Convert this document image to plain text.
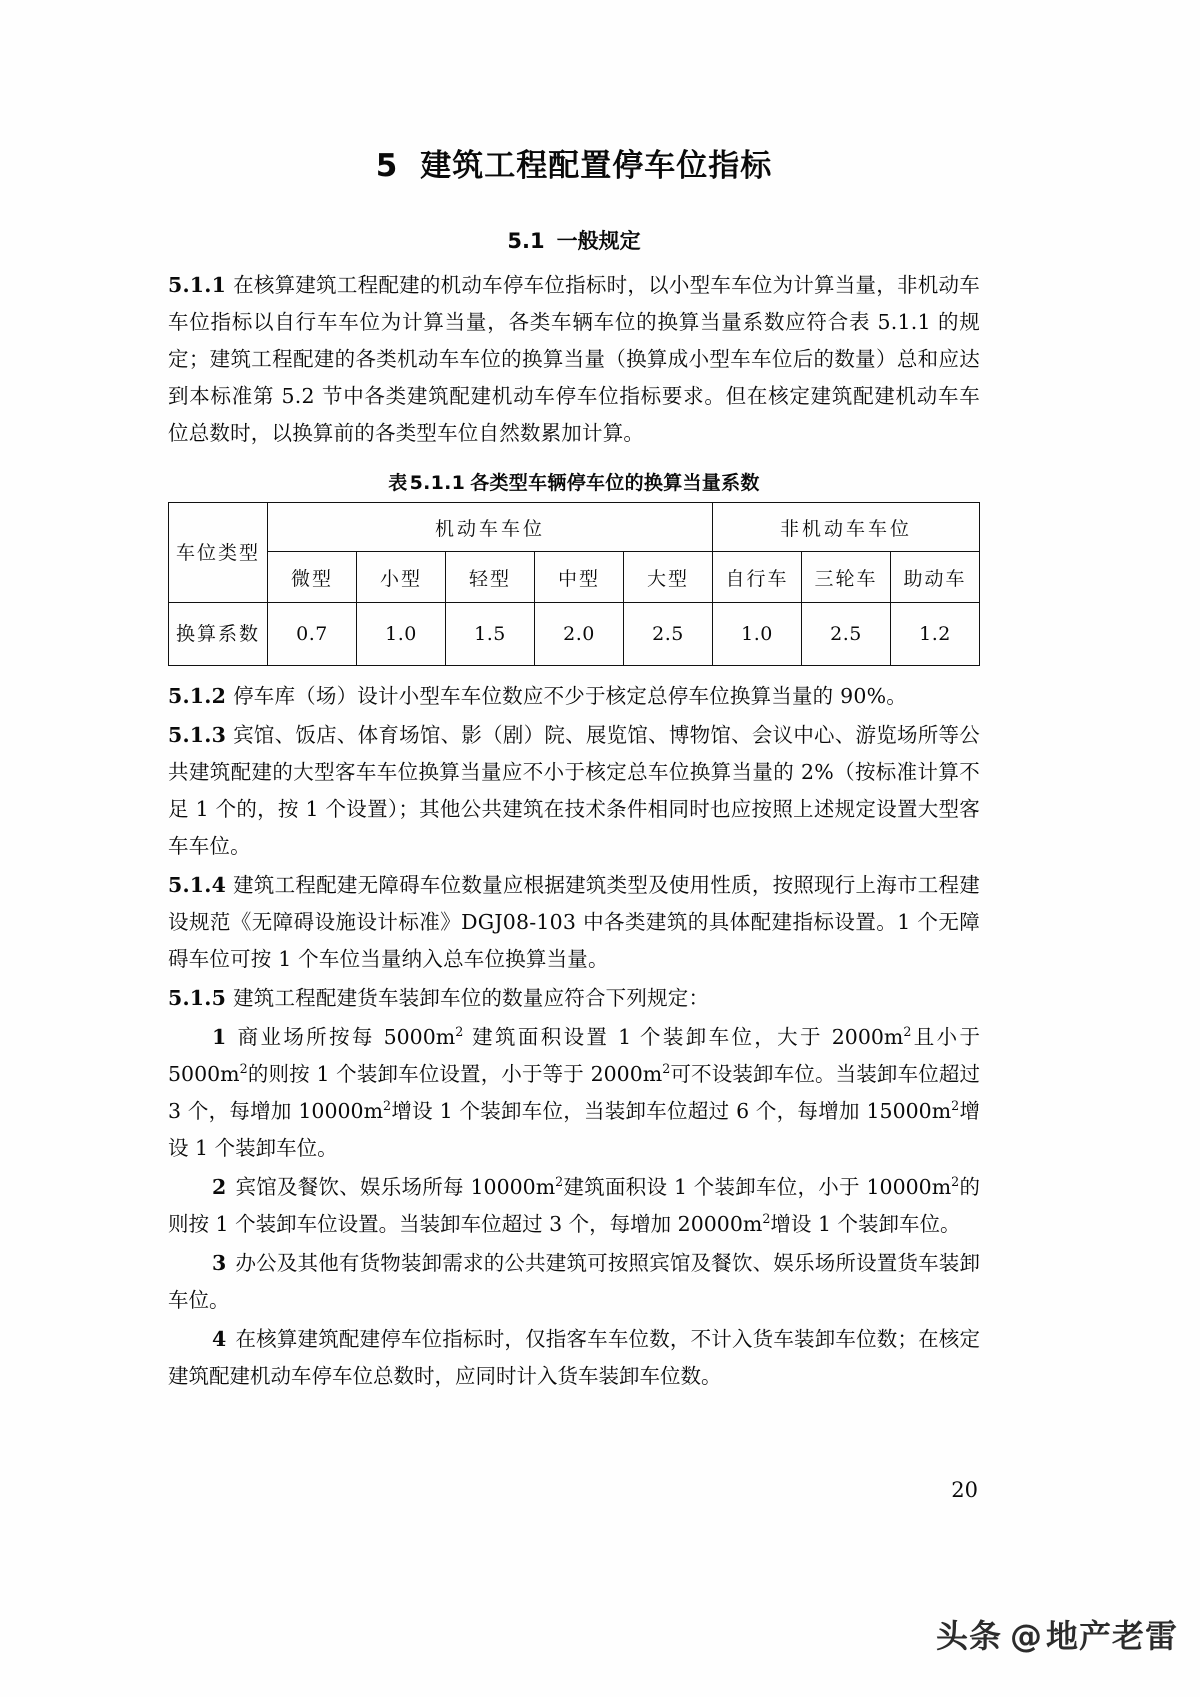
5 建筑工程配置停车位指标
5.1 一般规定

5.1.1 在核算建筑工程配建的机动车停车位指标时，以小型车车位为计算当量，非机动车车位指标以自行车车位为计算当量，各类车辆车位的换算当量系数应符合表 5.1.1 的规定；建筑工程配建的各类机动车车位的换算当量（换算成小型车车位后的数量）总和应达到本标准第 5.2 节中各类建筑配建机动车停车位指标要求。但在核定建筑配建机动车车位总数时，以换算前的各类型车位自然数累加计算。

表 5.1.1 各类型车辆停车位的换算当量系数
车位类型	机动车车位					非机动车车位		
	微型	小型	轻型	中型	大型	自行车	三轮车	助动车
换算系数	0.7	1.0	1.5	2.0	2.5	1.0	2.5	1.2

5.1.2 停车库（场）设计小型车车位数应不少于核定总停车位换算当量的 90%。

5.1.3 宾馆、饭店、体育场馆、影（剧）院、展览馆、博物馆、会议中心、游览场所等公共建筑配建的大型客车车位换算当量应不小于核定总车位换算当量的 2%（按标准计算不足 1 个的，按 1 个设置）；其他公共建筑在技术条件相同时也应按照上述规定设置大型客车车位。

5.1.4 建筑工程配建无障碍车位数量应根据建筑类型及使用性质，按照现行上海市工程建设规范《无障碍设施设计标准》DGJ08-103 中各类建筑的具体配建指标设置。1 个无障碍车位可按 1 个车位当量纳入总车位换算当量。

5.1.5 建筑工程配建货车装卸车位的数量应符合下列规定：

1 商业场所按每 $5000m^2$ 建筑面积设置 1 个装卸车位，大于 $2000m^2$且小于 $5000m^2$的则按 1 个装卸车位设置，小于等于 $2000m^2$可不设装卸车位。当装卸车位超过 3 个，每增加 $10000m^2$增设 1 个装卸车位，当装卸车位超过 6 个，每增加 $15000m^2$增设 1 个装卸车位。

2 宾馆及餐饮、娱乐场所每 $10000m^2$建筑面积设 1 个装卸车位，小于 $10000m^2$的则按 1 个装卸车位设置。当装卸车位超过 3 个，每增加 $20000m^2$增设 1 个装卸车位。

3 办公及其他有货物装卸需求的公共建筑可按照宾馆及餐饮、娱乐场所设置货车装卸车位。

4 在核算建筑配建停车位指标时，仅指客车车位数，不计入货车装卸车位数；在核定建筑配建机动车停车位总数时，应同时计入货车装卸车位数。

20
头条 @地产老雷
